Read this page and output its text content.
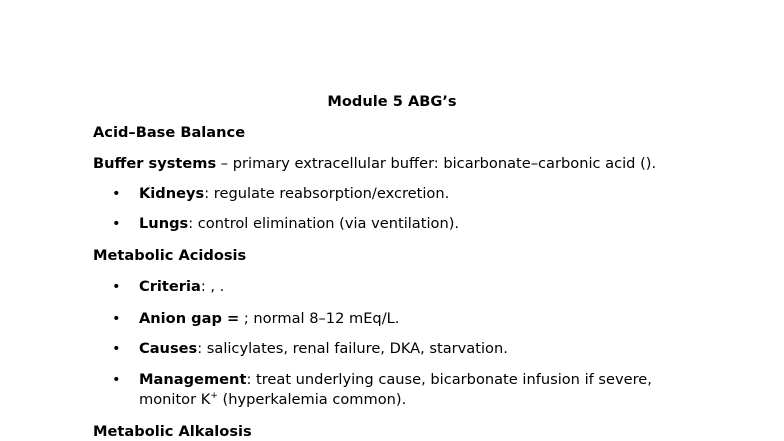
Module 5 ABG’s
Acid–Base Balance
Buffer systems – primary extracellular buffer: bicarbonate–carbonic acid ().
• Kidneys: regulate reabsorption/excretion.
• Lungs: control elimination (via ventilation).
Metabolic Acidosis
• Criteria: , .
• Anion gap = ; normal 8–12 mEq/L.
• Causes: salicylates, renal failure, DKA, starvation.
• Management: treat underlying cause, bicarbonate infusion if severe,
monitor K+ (hyperkalemia common).
Metabolic Alkalosis
